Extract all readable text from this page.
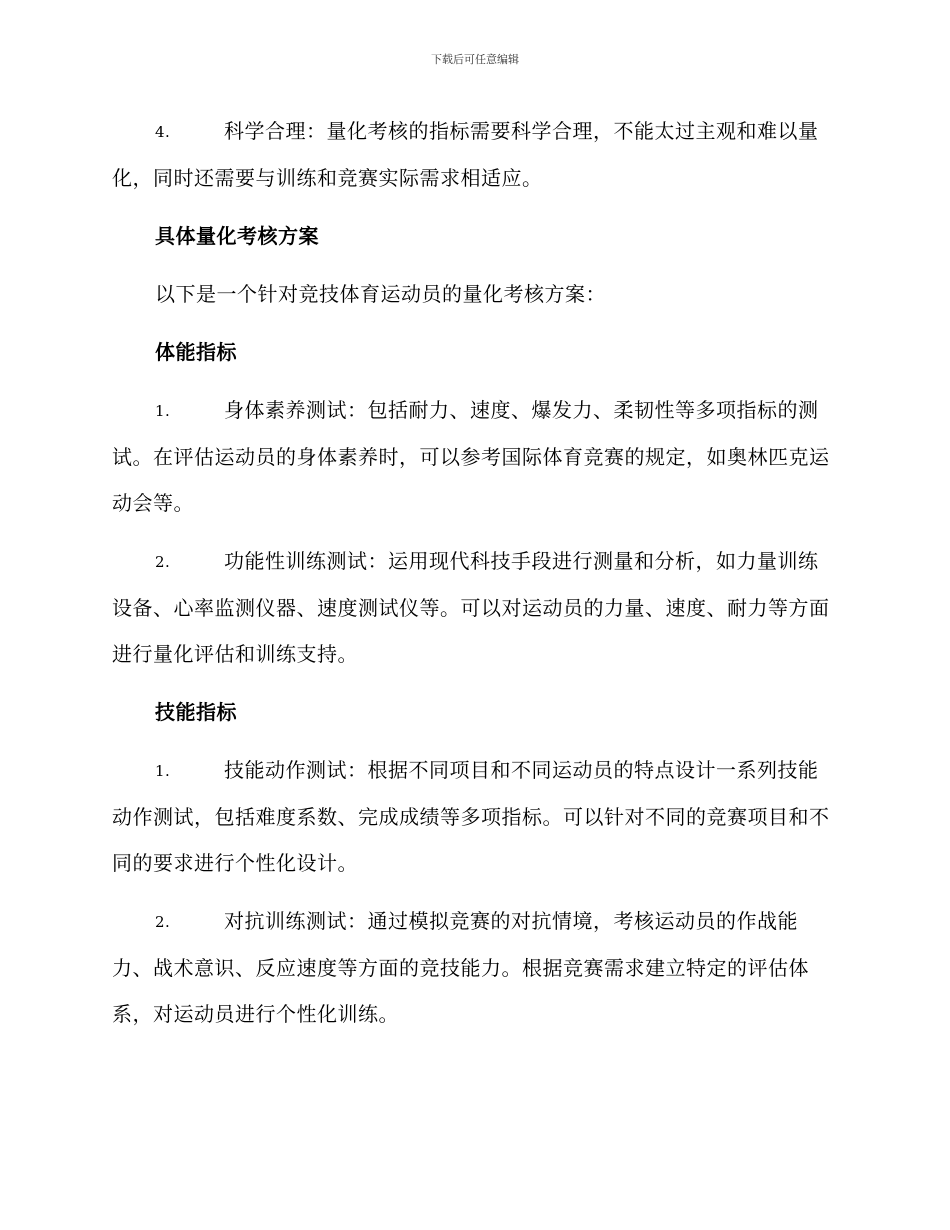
下载后可任意编辑

4.	科学合理：量化考核的指标需要科学合理，不能太过主观和难以量化，同时还需要与训练和竞赛实际需求相适应。

具体量化考核方案

以下是一个针对竞技体育运动员的量化考核方案：

体能指标

1.	身体素养测试：包括耐力、速度、爆发力、柔韧性等多项指标的测试。在评估运动员的身体素养时，可以参考国际体育竞赛的规定，如奥林匹克运动会等。

2.	功能性训练测试：运用现代科技手段进行测量和分析，如力量训练设备、心率监测仪器、速度测试仪等。可以对运动员的力量、速度、耐力等方面进行量化评估和训练支持。

技能指标

1.	技能动作测试：根据不同项目和不同运动员的特点设计一系列技能动作测试，包括难度系数、完成成绩等多项指标。可以针对不同的竞赛项目和不同的要求进行个性化设计。

2.	对抗训练测试：通过模拟竞赛的对抗情境，考核运动员的作战能力、战术意识、反应速度等方面的竞技能力。根据竞赛需求建立特定的评估体系，对运动员进行个性化训练。
